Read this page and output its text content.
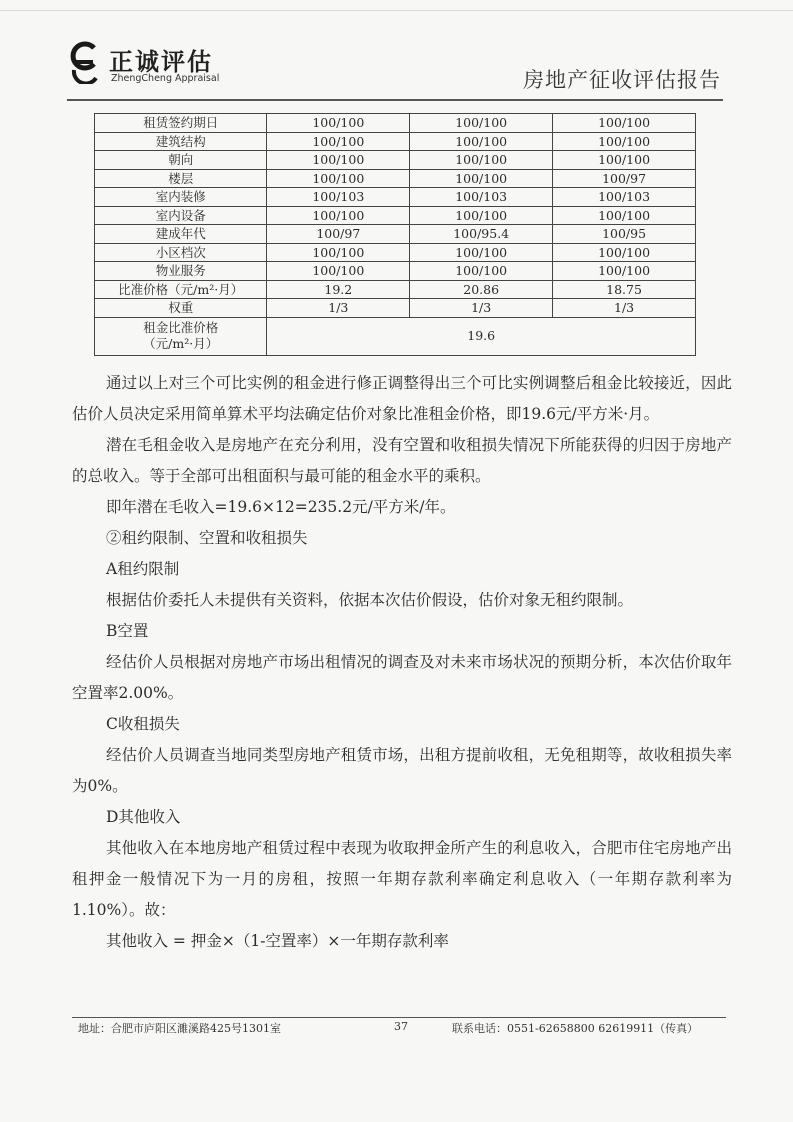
正诚评估
ZhengCheng Appraisal	房地产征收评估报告
租赁签约期日	100/100	100/100	100/100
建筑结构	100/100	100/100	100/100
朝向	100/100	100/100	100/100
楼层	100/100	100/100	100/97
室内装修	100/103	100/103	100/103
室内设备	100/100	100/100	100/100
建成年代	100/97	100/95.4	100/95
小区档次	100/100	100/100	100/100
物业服务	100/100	100/100	100/100
比准价格（元/m²·月）	19.2	20.86	18.75
权重	1/3	1/3	1/3

租金比准价格
（元/m²·月）	19.6		

通过以上对三个可比实例的租金进行修正调整得出三个可比实例调整后租金比较接近，因此估价人员决定采用简单算术平均法确定估价对象比准租金价格，即19.6元/平方米·月。

潜在毛租金收入是房地产在充分利用，没有空置和收租损失情况下所能获得的归因于房地产的总收入。等于全部可出租面积与最可能的租金水平的乘积。

即年潜在毛收入=19.6×12=235.2元/平方米/年。

②租约限制、空置和收租损失

A租约限制

根据估价委托人未提供有关资料，依据本次估价假设，估价对象无租约限制。

B空置

经估价人员根据对房地产市场出租情况的调查及对未来市场状况的预期分析，本次估价取年空置率2.00%。

C收租损失

经估价人员调查当地同类型房地产租赁市场，出租方提前收租，无免租期等，故收租损失率为0%。

D其他收入

其他收入在本地房地产租赁过程中表现为收取押金所产生的利息收入，合肥市住宅房地产出租押金一般情况下为一月的房租，按照一年期存款利率确定利息收入（一年期存款利率为1.10%）。故：

其他收入 = 押金×（1-空置率）×一年期存款利率

地址：合肥市庐阳区濉溪路425号1301室	37	联系电话：0551-62658800 62619911（传真）
